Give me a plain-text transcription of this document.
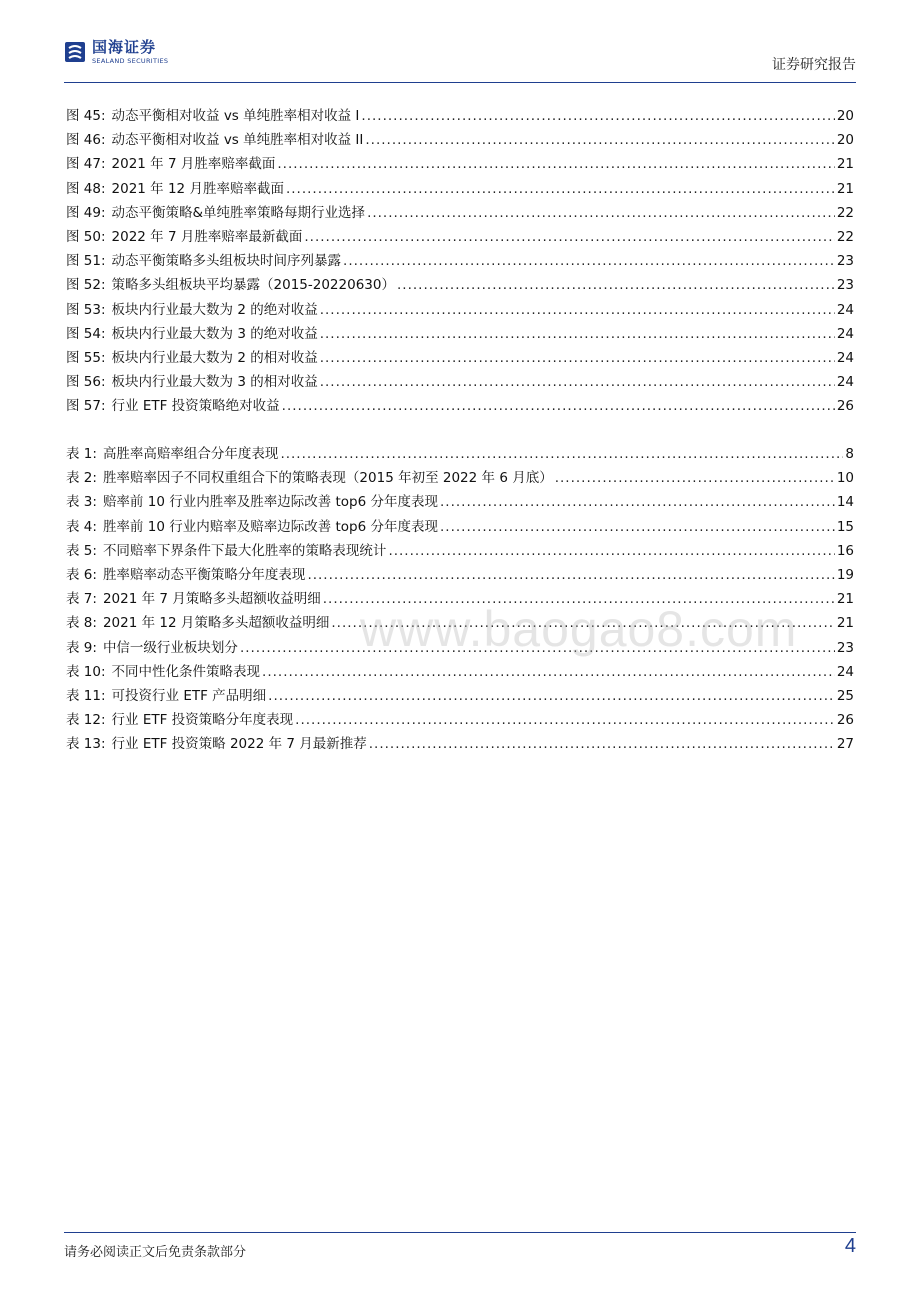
国海证券
SEALAND SECURITIES	证券研究报告
图 45: 动态平衡相对收益 vs 单纯胜率相对收益 I .....	20
图 46: 动态平衡相对收益 vs 单纯胜率相对收益 II .....	20
图 47: 2021 年 7 月胜率赔率截面 .....	21
图 48: 2021 年 12 月胜率赔率截面 .....	21
图 49: 动态平衡策略&单纯胜率策略每期行业选择 .....	22
图 50: 2022 年 7 月胜率赔率最新截面 .....	22
图 51: 动态平衡策略多头组板块时间序列暴露 .....	23
图 52: 策略多头组板块平均暴露（2015-20220630） .....	23
图 53: 板块内行业最大数为 2 的绝对收益 .....	24
图 54: 板块内行业最大数为 3 的绝对收益 .....	24
图 55: 板块内行业最大数为 2 的相对收益 .....	24
图 56: 板块内行业最大数为 3 的相对收益 .....	24
图 57: 行业 ETF 投资策略绝对收益 .....	26
表 1: 高胜率高赔率组合分年度表现 .....	8
表 2: 胜率赔率因子不同权重组合下的策略表现（2015 年初至 2022 年 6 月底） .....	10
表 3: 赔率前 10 行业内胜率及胜率边际改善 top6 分年度表现 .....	14
表 4: 胜率前 10 行业内赔率及赔率边际改善 top6 分年度表现 .....	15
表 5: 不同赔率下界条件下最大化胜率的策略表现统计 .....	16
表 6: 胜率赔率动态平衡策略分年度表现 .....	19
表 7: 2021 年 7 月策略多头超额收益明细 .....	21
表 8: 2021 年 12 月策略多头超额收益明细 .....	21
表 9: 中信一级行业板块划分 .....	23
表 10: 不同中性化条件策略表现 .....	24
表 11: 可投资行业 ETF 产品明细 .....	25
表 12: 行业 ETF 投资策略分年度表现 .....	26
表 13: 行业 ETF 投资策略 2022 年 7 月最新推荐 .....	27
www.baogao8.com
请务必阅读正文后免责条款部分	4
